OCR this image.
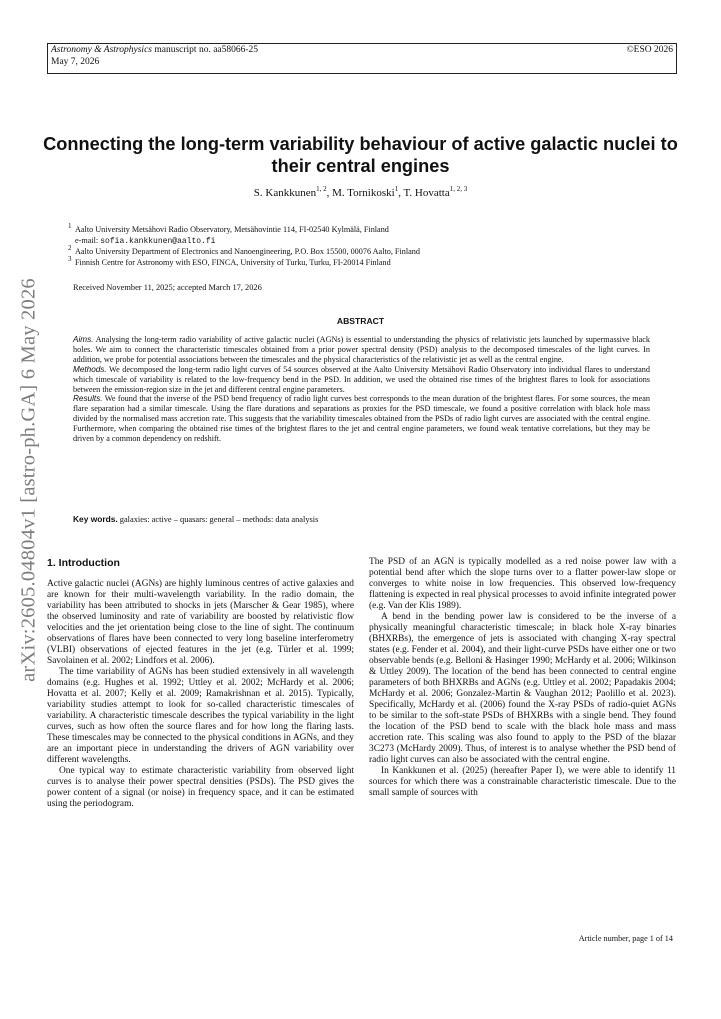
Astronomy & Astrophysics manuscript no. aa58066-25
May 7, 2026
©ESO 2026
Connecting the long-term variability behaviour of active galactic nuclei to their central engines
S. Kankkunen$^{1, 2}$, M. Tornikoski$^1$, T. Hovatta$^{1, 2, 3}$
1 Aalto University Metsähovi Radio Observatory, Metsähovintie 114, FI-02540 Kylmälä, Finland
e-mail: sofia.kankkunen@aalto.fi
2 Aalto University Department of Electronics and Nanoengineering, P.O. Box 15500, 00076 Aalto, Finland
3 Finnish Centre for Astronomy with ESO, FINCA, University of Turku, Turku, FI-20014 Finland
Received November 11, 2025; accepted March 17, 2026
ABSTRACT

Aims. Analysing the long-term radio variability of active galactic nuclei (AGNs) is essential to understanding the physics of relativistic jets launched by supermassive black holes. We aim to connect the characteristic timescales obtained from a prior power spectral density (PSD) analysis to the decomposed timescales of the light curves. In addition, we probe for potential associations between the timescales and the physical characteristics of the relativistic jet as well as the central engine.

Methods. We decomposed the long-term radio light curves of 54 sources observed at the Aalto University Metsähovi Radio Observatory into individual flares to understand which timescale of variability is related to the low-frequency bend in the PSD. In addition, we used the obtained rise times of the brightest flares to look for associations between the emission-region size in the jet and different central engine parameters.

Results. We found that the inverse of the PSD bend frequency of radio light curves best corresponds to the mean duration of the brightest flares. For some sources, the mean flare separation had a similar timescale. Using the flare durations and separations as proxies for the PSD timescale, we found a positive correlation with black hole mass divided by the normalised mass accretion rate. This suggests that the variability timescales obtained from the PSDs of radio light curves are associated with the central engine. Furthermore, when comparing the obtained rise times of the brightest flares to the jet and central engine parameters, we found weak tentative correlations, but they may be driven by a common dependency on redshift.

Key words. galaxies: active – quasars: general – methods: data analysis
arXiv:2605.04804v1 [astro-ph.GA] 6 May 2026 1. Introduction

Active galactic nuclei (AGNs) are highly luminous centres of active galaxies and are known for their multi-wavelength variability. In the radio domain, the variability has been attributed to shocks in jets (Marscher & Gear 1985), where the observed luminosity and rate of variability are boosted by relativistic flow velocities and the jet orientation being close to the line of sight. The continuum observations of flares have been connected to very long baseline interferometry (VLBI) observations of ejected features in the jet (e.g. Türler et al. 1999; Savolainen et al. 2002; Lindfors et al. 2006).

The time variability of AGNs has been studied extensively in all wavelength domains (e.g. Hughes et al. 1992; Uttley et al. 2002; McHardy et al. 2006; Hovatta et al. 2007; Kelly et al. 2009; Ramakrishnan et al. 2015). Typically, variability studies attempt to look for so-called characteristic timescales of variability. A characteristic timescale describes the typical variability in the light curves, such as how often the source flares and for how long the flaring lasts. These timescales may be connected to the physical conditions in AGNs, and they are an important piece in understanding the drivers of AGN variability over different wavelengths.

One typical way to estimate characteristic variability from observed light curves is to analyse their power spectral densities (PSDs). The PSD gives the power content of a signal (or noise) in frequency space, and it can be estimated using the periodogram.

The PSD of an AGN is typically modelled as a red noise power law with a potential bend after which the slope turns over to a flatter power-law slope or converges to white noise in low frequencies. This observed low-frequency flattening is expected in real physical processes to avoid infinite integrated power (e.g. Van der Klis 1989).

A bend in the bending power law is considered to be the inverse of a physically meaningful characteristic timescale; in black hole X-ray binaries (BHXRBs), the emergence of jets is associated with changing X-ray spectral states (e.g. Fender et al. 2004), and their light-curve PSDs have either one or two observable bends (e.g. Belloni & Hasinger 1990; McHardy et al. 2006; Wilkinson & Uttley 2009). The location of the bend has been connected to central engine parameters of both BHXRBs and AGNs (e.g. Uttley et al. 2002; Papadakis 2004; McHardy et al. 2006; Gonzalez-Martin & Vaughan 2012; Paolillo et al. 2023). Specifically, McHardy et al. (2006) found the X-ray PSDs of radio-quiet AGNs to be similar to the soft-state PSDs of BHXRBs with a single bend. They found the location of the PSD bend to scale with the black hole mass and mass accretion rate. This scaling was also found to apply to the PSD of the blazar 3C273 (McHardy 2009). Thus, of interest is to analyse whether the PSD bend of radio light curves can also be associated with the central engine.

In Kankkunen et al. (2025) (hereafter Paper I), we were able to identify 11 sources for which there was a constrainable characteristic timescale. Due to the small sample of sources with

Article number, page 1 of 14
